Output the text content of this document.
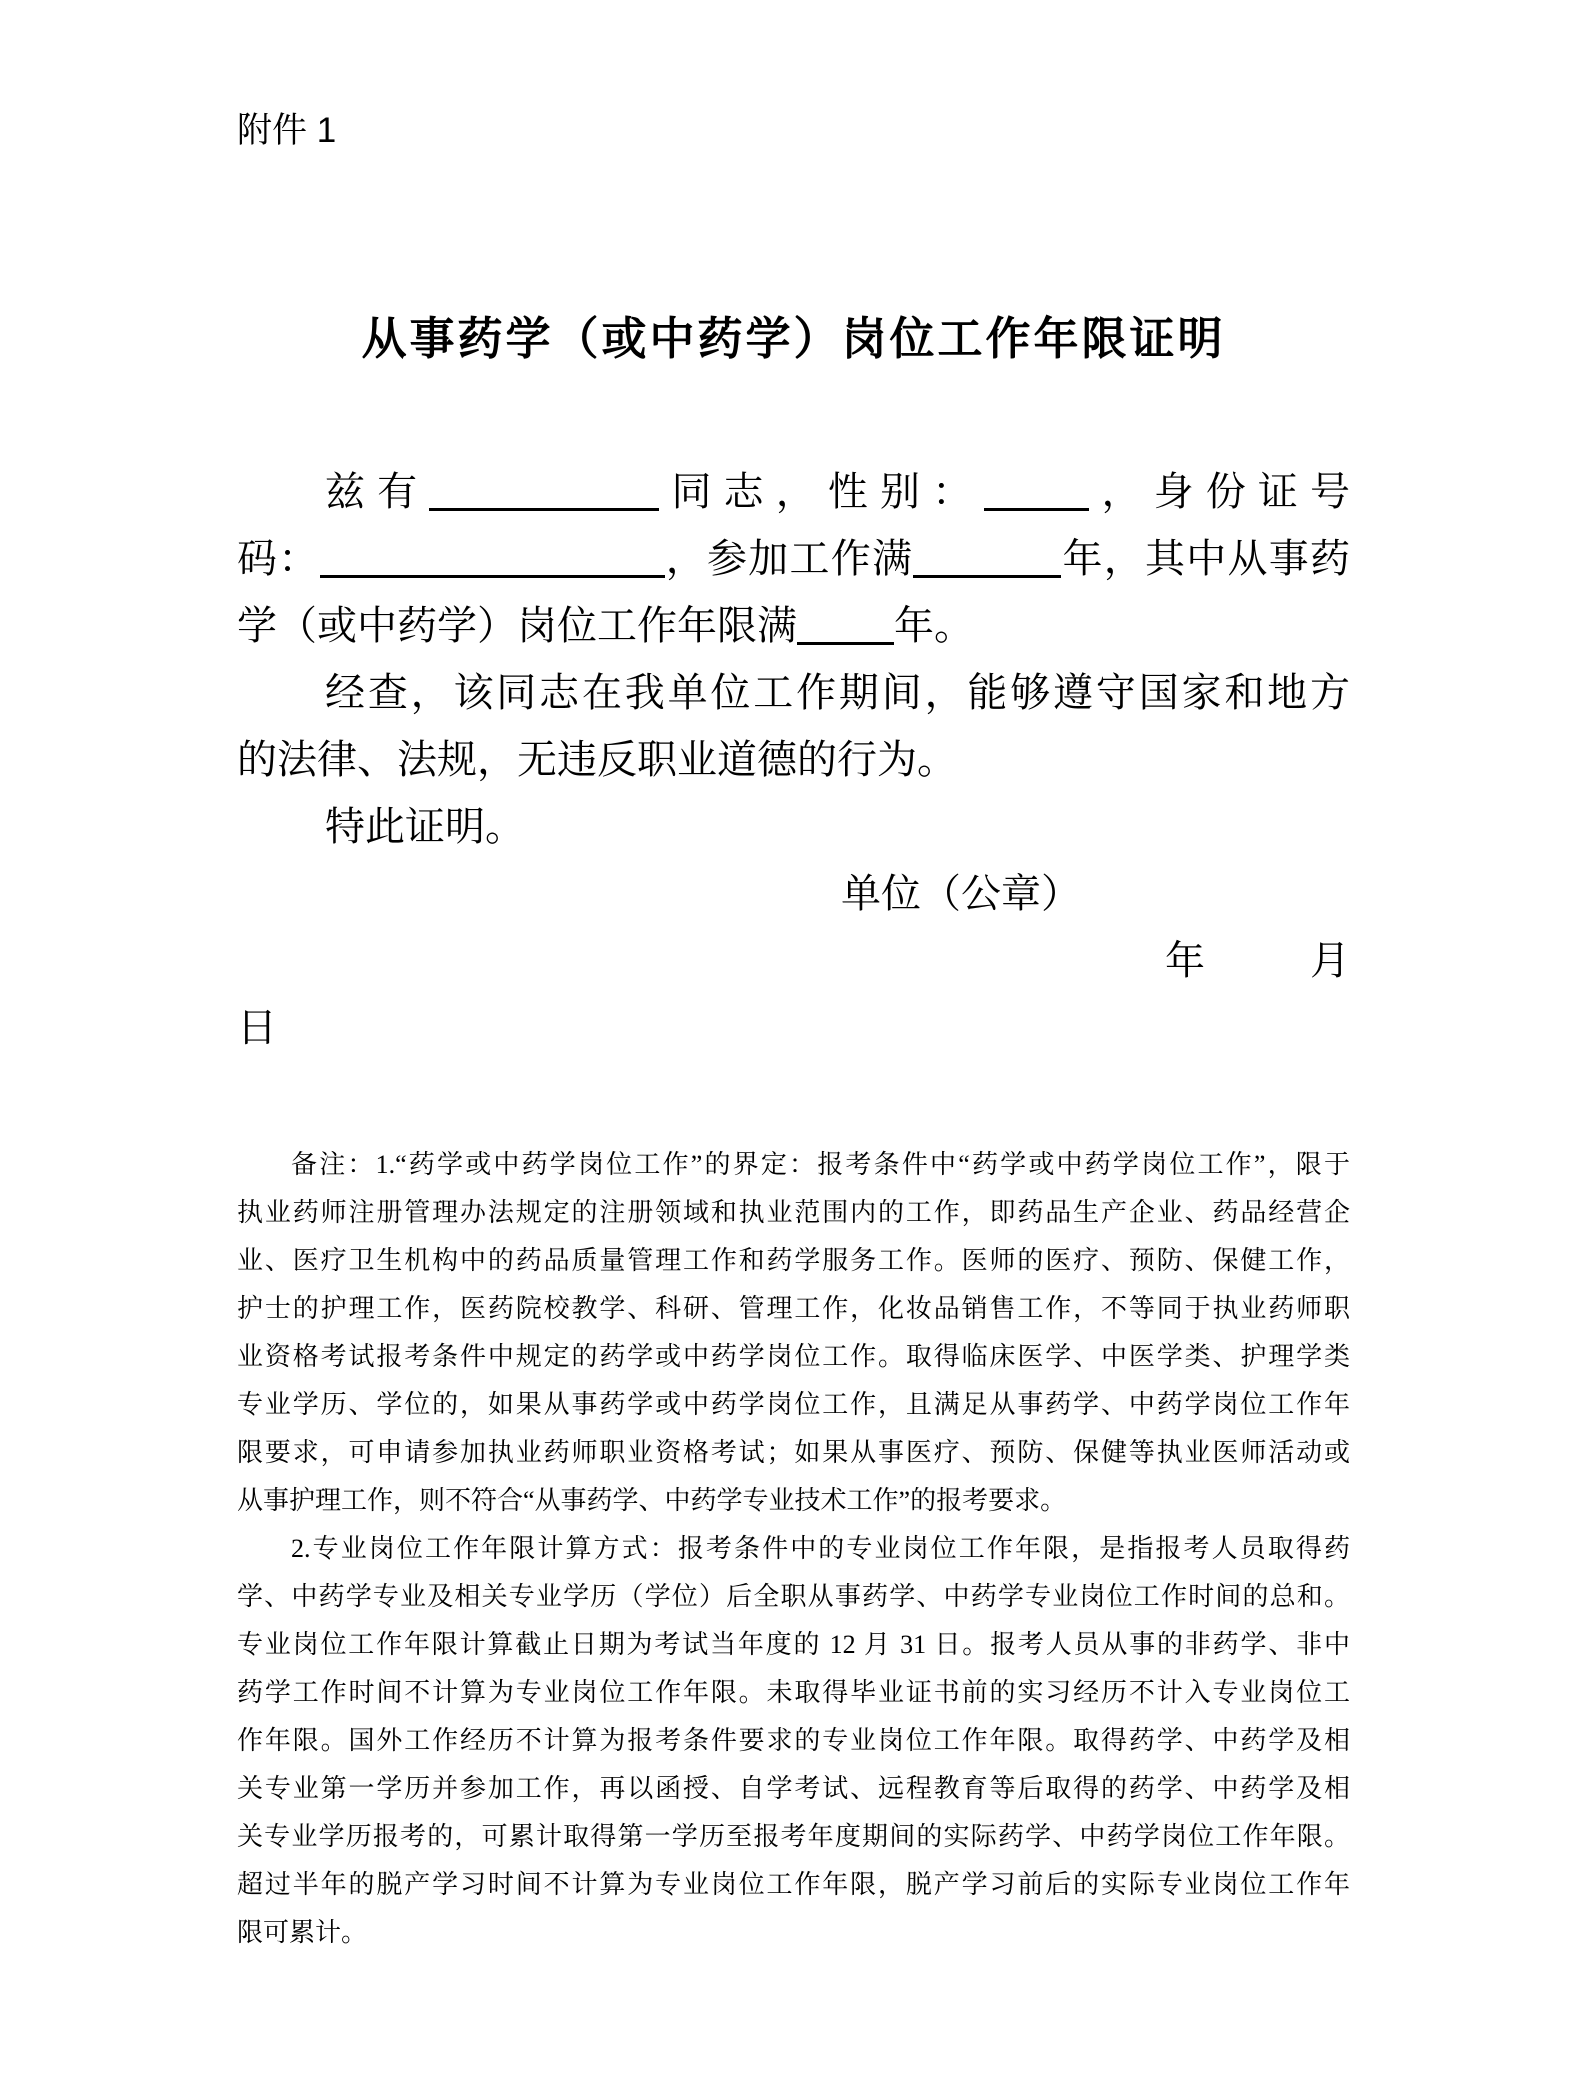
附件 1
从事药学（或中药学）岗位工作年限证明
兹有	同志，性别：	，身份证号
码：	，参加工作满	年，其中从事药
学（或中药学）岗位工作年限满 年。
经查，该同志在我单位工作期间，能够遵守国家和地方
的法律、法规，无违反职业道德的行为。
特此证明。
单位（公章）
年	月
日
备注：1.“药学或中药学岗位工作”的界定：报考条件中“药学或中药学岗位工作”，限于
执业药师注册管理办法规定的注册领域和执业范围内的工作，即药品生产企业、药品经营企
业、医疗卫生机构中的药品质量管理工作和药学服务工作。医师的医疗、预防、保健工作，
护士的护理工作，医药院校教学、科研、管理工作，化妆品销售工作，不等同于执业药师职
业资格考试报考条件中规定的药学或中药学岗位工作。取得临床医学、中医学类、护理学类
专业学历、学位的，如果从事药学或中药学岗位工作，且满足从事药学、中药学岗位工作年
限要求，可申请参加执业药师职业资格考试；如果从事医疗、预防、保健等执业医师活动或
从事护理工作，则不符合“从事药学、中药学专业技术工作”的报考要求。
2.专业岗位工作年限计算方式：报考条件中的专业岗位工作年限，是指报考人员取得药
学、中药学专业及相关专业学历（学位）后全职从事药学、中药学专业岗位工作时间的总和。
专业岗位工作年限计算截止日期为考试当年度的 12 月 31 日。报考人员从事的非药学、非中
药学工作时间不计算为专业岗位工作年限。未取得毕业证书前的实习经历不计入专业岗位工
作年限。国外工作经历不计算为报考条件要求的专业岗位工作年限。取得药学、中药学及相
关专业第一学历并参加工作，再以函授、自学考试、远程教育等后取得的药学、中药学及相
关专业学历报考的，可累计取得第一学历至报考年度期间的实际药学、中药学岗位工作年限。
超过半年的脱产学习时间不计算为专业岗位工作年限，脱产学习前后的实际专业岗位工作年
限可累计。
